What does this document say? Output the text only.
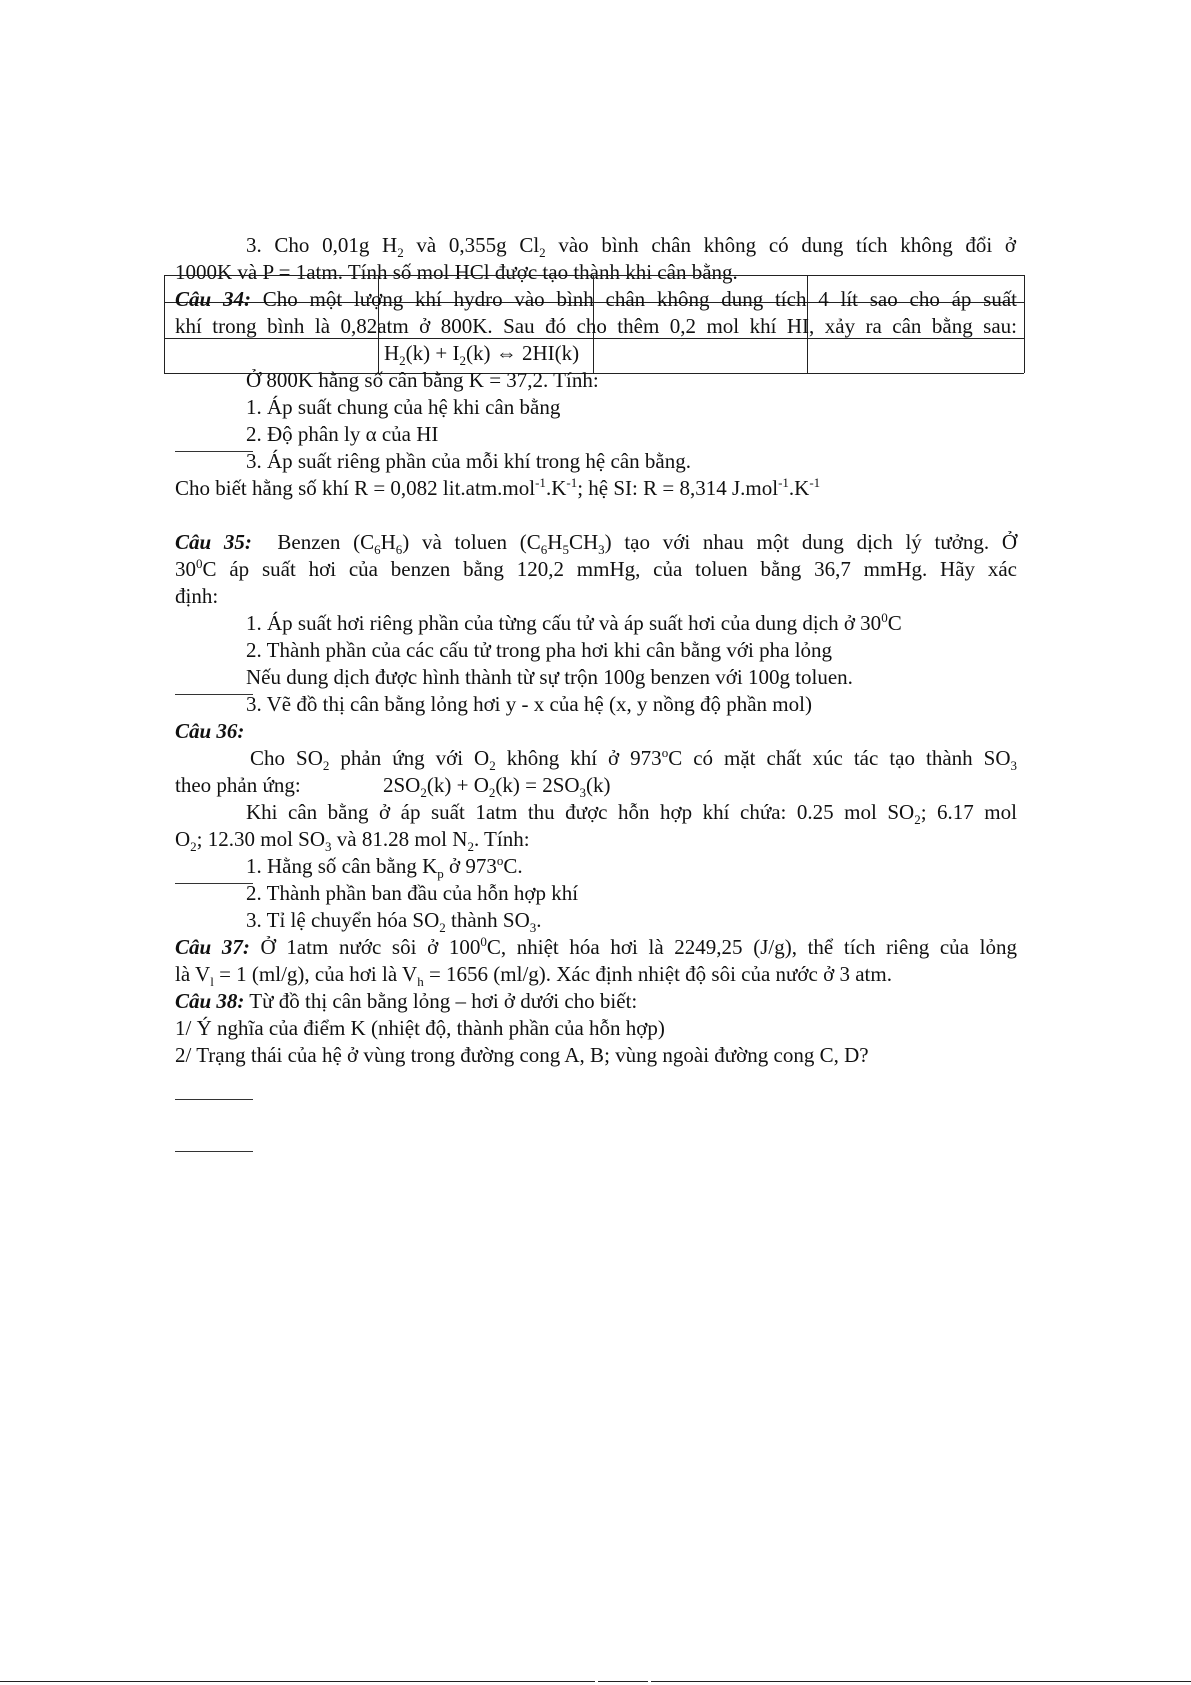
3. Cho 0,01g $H_2$ và 0,355g $Cl_2$ vào bình chân không có dung tích không đổi ở
1000K và P = 1atm. Tính số mol HCl được tạo thành khi cân bằng.
Câu 34: Cho một lượng khí hydro vào bình chân không dung tích 4 lít sao cho áp suất
khí trong bình là 0,82atm ở 800K. Sau đó cho thêm 0,2 mol khí HI, xảy ra cân bằng sau:
$H_2(k) + I_2(k)$ ⇔ 2HI(k)
Ở 800K hằng số cân bằng K = 37,2. Tính:
1. Áp suất chung của hệ khi cân bằng
2. Độ phân ly α của HI
3. Áp suất riêng phần của mỗi khí trong hệ cân bằng.
Cho biết hằng số khí R = 0,082 $lit.atm.mol^{-1}.K^{-1}$; hệ SI: R = 8,314 $J.mol^{-1}.K^{-1}$
Câu 35: Benzen $(C_6H_6)$ và toluen $(C_6H_5CH_3)$ tạo với nhau một dung dịch lý tưởng. Ở
$30^0C$ áp suất hơi của benzen bằng 120,2 mmHg, của toluen bằng 36,7 mmHg. Hãy xác
định:
1. Áp suất hơi riêng phần của từng cấu tử và áp suất hơi của dung dịch ở $30^0C$
2. Thành phần của các cấu tử trong pha hơi khi cân bằng với pha lỏng
Nếu dung dịch được hình thành từ sự trộn 100g benzen với 100g toluen.
3. Vẽ đồ thị cân bằng lỏng hơi y - x của hệ (x, y nồng độ phần mol)
Câu 36:
Cho $SO_2$ phản ứng với $O_2$ không khí ở 973$^o$C có mặt chất xúc tác tạo thành $SO_3$
theo phản ứng:	$2SO_2(k) + O_2(k) = 2SO_3(k)$
Khi cân bằng ở áp suất 1atm thu được hỗn hợp khí chứa: 0.25 mol $SO_2$; 6.17 mol
$O_2$; 12.30 mol $SO_3$ và 81.28 mol $N_2$. Tính:
1. Hằng số cân bằng $K_p$ ở 973$^o$C.
2. Thành phần ban đầu của hỗn hợp khí
3. Tỉ lệ chuyển hóa $SO_2$ thành $SO_3$.
Câu 37: Ở 1atm nước sôi ở $100^0C$, nhiệt hóa hơi là 2249,25 (J/g), thể tích riêng của lỏng
là $V_l = 1$ (ml/g), của hơi là $V_h = 1656$ (ml/g). Xác định nhiệt độ sôi của nước ở 3 atm.
Câu 38: Từ đồ thị cân bằng lỏng – hơi ở dưới cho biết:
1/ Ý nghĩa của điểm K (nhiệt độ, thành phần của hỗn hợp)
2/ Trạng thái của hệ ở vùng trong đường cong A, B; vùng ngoài đường cong C, D?
